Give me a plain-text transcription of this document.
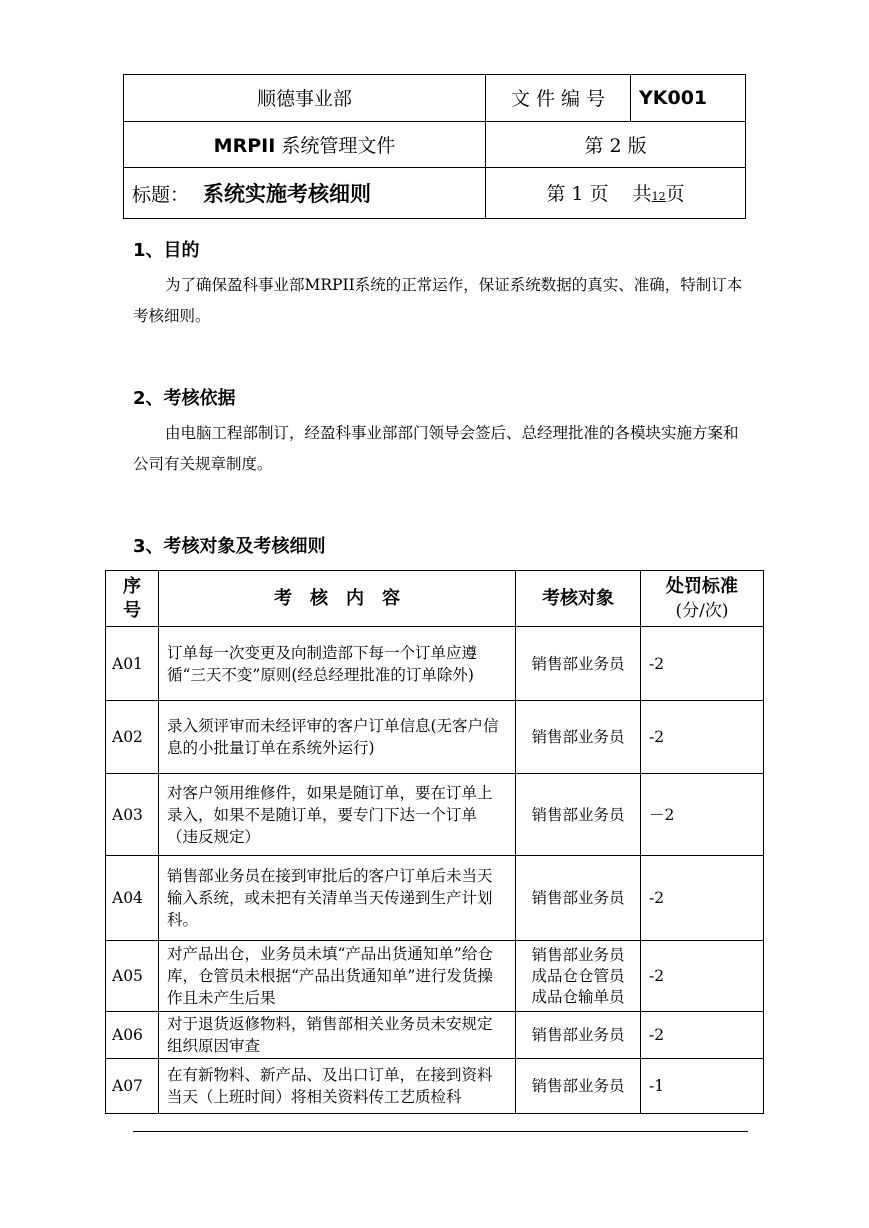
顺德事业部	文 件 编 号	YK001
MRPII 系统管理文件	第 2 版	
标题： 系统实施考核细则	第 1 页 共12页	
1、目的

为了确保盈科事业部MRPII系统的正常运作，保证系统数据的真实、准确，特制订本考核细则。

2、考核依据

由电脑工程部制订，经盈科事业部部门领导会签后、总经理批准的各模块实施方案和公司有关规章制度。

3、考核对象及考核细则
序号	考　核　内　容	考核对象	处罚标准
(分/次)
A01	订单每一次变更及向制造部下每一个订单应遵循“三天不变”原则(经总经理批准的订单除外)	销售部业务员	-2
A02	录入须评审而未经评审的客户订单信息(无客户信息的小批量订单在系统外运行)	销售部业务员	-2
A03	对客户领用维修件，如果是随订单，要在订单上录入，如果不是随订单，要专门下达一个订单（违反规定）	销售部业务员	－2
A04	销售部业务员在接到审批后的客户订单后未当天输入系统，或未把有关清单当天传递到生产计划科。	销售部业务员	-2
A05	对产品出仓，业务员未填“产品出货通知单”给仓库，仓管员未根据“产品出货通知单”进行发货操作且未产生后果	销售部业务员
成品仓仓管员
成品仓输单员	-2
A06	对于退货返修物料，销售部相关业务员未安规定组织原因审查	销售部业务员	-2
A07	在有新物料、新产品、及出口订单，在接到资料当天（上班时间）将相关资料传工艺质检科	销售部业务员	-1
